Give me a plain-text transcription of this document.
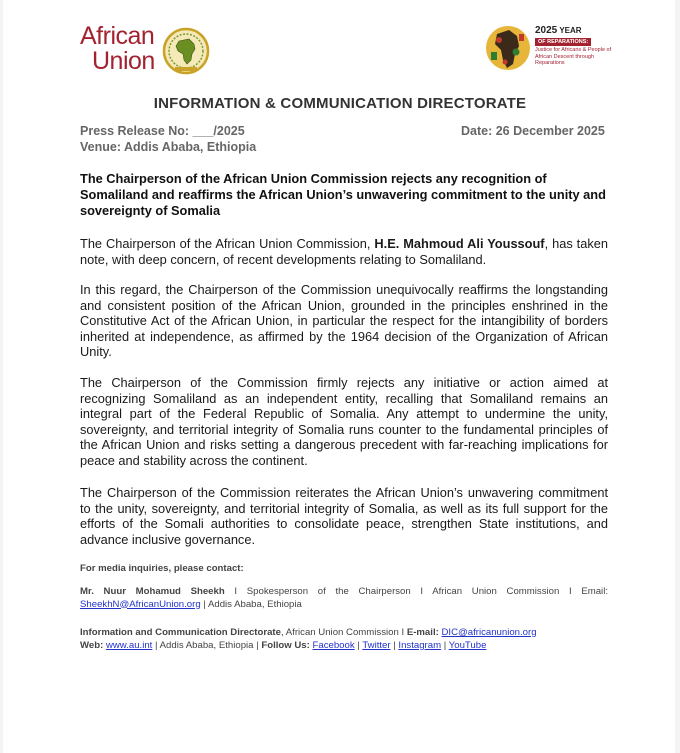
African
Union
2025 YEAR
OF REPARATIONS:
Justice for Africans & People of African Descent through Reparations
INFORMATION & COMMUNICATION DIRECTORATE
Press Release No: ___/2025
Venue: Addis Ababa, Ethiopia
Date: 26 December 2025
The Chairperson of the African Union Commission rejects any recognition of Somaliland and reaffirms the African Union’s unwavering commitment to the unity and sovereignty of Somalia
The Chairperson of the African Union Commission, H.E. Mahmoud Ali Youssouf, has taken note, with deep concern, of recent developments relating to Somaliland.
In this regard, the Chairperson of the Commission unequivocally reaffirms the longstanding and consistent position of the African Union, grounded in the principles enshrined in the Constitutive Act of the African Union, in particular the respect for the intangibility of borders inherited at independence, as affirmed by the 1964 decision of the Organization of African Unity.
The Chairperson of the Commission firmly rejects any initiative or action aimed at recognizing Somaliland as an independent entity, recalling that Somaliland remains an integral part of the Federal Republic of Somalia. Any attempt to undermine the unity, sovereignty, and territorial integrity of Somalia runs counter to the fundamental principles of the African Union and risks setting a dangerous precedent with far-reaching implications for peace and stability across the continent.
The Chairperson of the Commission reiterates the African Union’s unwavering commitment to the unity, sovereignty, and territorial integrity of Somalia, as well as its full support for the efforts of the Somali authorities to consolidate peace, strengthen State institutions, and advance inclusive governance.
For media inquiries, please contact:
Mr. Nuur Mohamud Sheekh I Spokesperson of the Chairperson I African Union Commission I Email: SheekhN@AfricanUnion.org | Addis Ababa, Ethiopia
Information and Communication Directorate, African Union Commission I E-mail: DIC@africanunion.org
Web: www.au.int | Addis Ababa, Ethiopia | Follow Us: Facebook | Twitter | Instagram | YouTube
